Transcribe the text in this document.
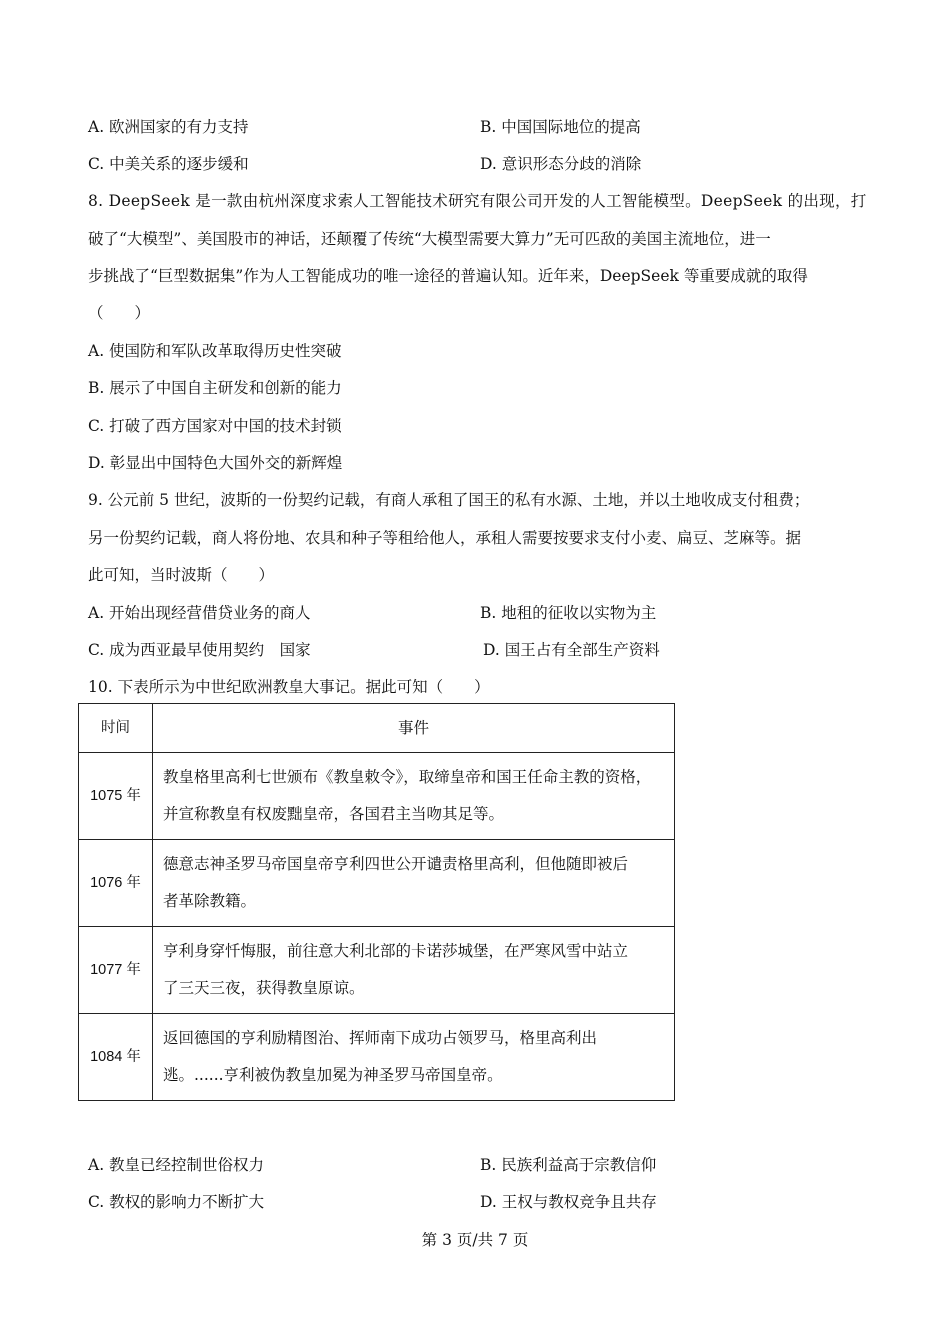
A. 欧洲国家的有力支持	B. 中国国际地位的提高
C. 中美关系的逐步缓和	D. 意识形态分歧的消除
8. DeepSeek 是一款由杭州深度求索人工智能技术研究有限公司开发的人工智能模型。DeepSeek 的出现，打
破了“大模型”、美国股市的神话，还颠覆了传统“大模型需要大算力”无可匹敌的美国主流地位，进一
步挑战了“巨型数据集”作为人工智能成功的唯一途径的普遍认知。近年来，DeepSeek 等重要成就的取得
（　　）
A. 使国防和军队改革取得历史性突破
B. 展示了中国自主研发和创新的能力
C. 打破了西方国家对中国的技术封锁
D. 彰显出中国特色大国外交的新辉煌
9. 公元前 5 世纪，波斯的一份契约记载，有商人承租了国王的私有水源、土地，并以土地收成支付租费；
另一份契约记载，商人将份地、农具和种子等租给他人，承租人需要按要求支付小麦、扁豆、芝麻等。据
此可知，当时波斯（　　）
A. 开始出现经营借贷业务的商人	B. 地租的征收以实物为主
C. 成为西亚最早使用契约　国家	D. 国王占有全部生产资料
10. 下表所示为中世纪欧洲教皇大事记。据此可知（　　）
时间	事件
1075 年	教皇格里高利七世颁布《教皇敕令》，取缔皇帝和国王任命主教的资格，
并宣称教皇有权废黜皇帝，各国君主当吻其足等。

1076 年	德意志神圣罗马帝国皇帝亨利四世公开谴责格里高利，但他随即被后
者革除教籍。

1077 年	亨利身穿忏悔服，前往意大利北部的卡诺莎城堡，在严寒风雪中站立
了三天三夜，获得教皇原谅。

1084 年	返回德国的亨利励精图治、挥师南下成功占领罗马，格里高利出
逃。......亨利被伪教皇加冕为神圣罗马帝国皇帝。
A. 教皇已经控制世俗权力	B. 民族利益高于宗教信仰
C. 教权的影响力不断扩大	D. 王权与教权竞争且共存
第 3 页/共 7 页
